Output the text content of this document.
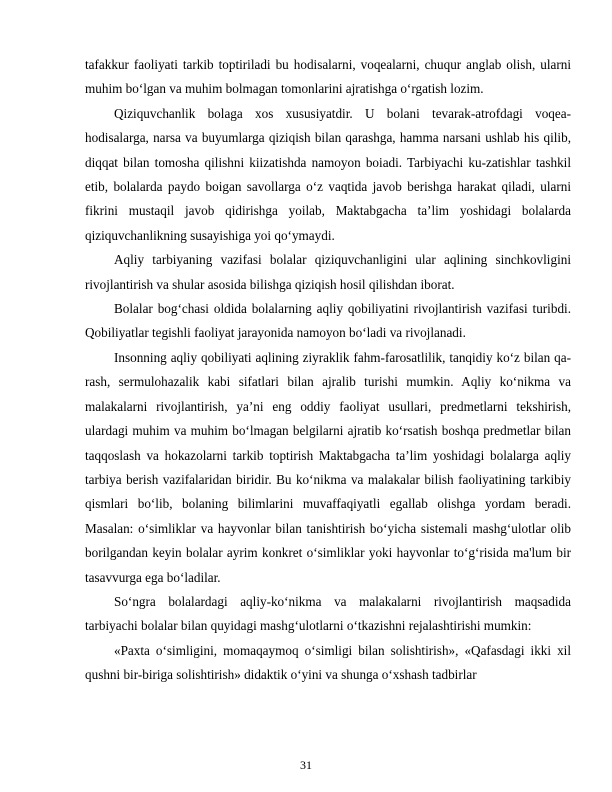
tafakkur faoliyati tarkib toptiriladi bu hodisalarni, voqealarni, chuqur anglab olish, ularni muhim bo‘lgan va muhim bolmagan tomonlarini ajratishga o‘rgatish lozim.

Qiziquvchanlik bolaga xos xususiyatdir. U bolani tevarak-atrofdagi voqea-hodisalarga, narsa va buyumlarga qiziqish bilan qarashga, hamma narsani ushlab his qilib, diqqat bilan tomosha qilishni kiizatishda namoyon boiadi. Tarbiyachi ku-zatishlar tashkil etib, bolalarda paydo boigan savollarga o‘z vaqtida javob berishga harakat qiladi, ularni fikrini mustaqil javob qidirishga yoilab, Maktabgacha ta’lim yoshidagi bolalarda qiziquvchanlikning susayishiga yoi qo‘ymaydi.

Aqliy tarbiyaning vazifasi bolalar qiziquvchanligini ular aqlining sinchkovligini rivojlantirish va shular asosida bilishga qiziqish hosil qilishdan iborat.

Bolalar bog‘chasi oldida bolalarning aqliy qobiliyatini rivojlantirish vazifasi turibdi. Qobiliyatlar tegishli faoliyat jarayonida namoyon bo‘ladi va rivojlanadi.

Insonning aqliy qobiliyati aqlining ziyraklik fahm-farosatlilik, tanqidiy ko‘z bilan qa- rash, sermulohazalik kabi sifatlari bilan ajralib turishi mumkin. Aqliy ko‘nikma va malakalarni rivojlantirish, ya’ni eng oddiy faoliyat usullari, predmetlarni tekshirish, ulardagi muhim va muhim bo‘lmagan belgilarni ajratib ko‘rsatish boshqa predmetlar bilan taqqoslash va hokazolarni tarkib toptirish Maktabgacha ta’lim yoshidagi bolalarga aqliy tarbiya berish vazifalaridan biridir. Bu ko‘nikma va malakalar bilish faoliyatining tarkibiy qismlari bo‘lib, bolaning bilimlarini muvaffaqiyatli egallab olishga yordam beradi. Masalan: o‘simliklar va hayvonlar bilan tanishtirish bo‘yicha sistemali mashg‘ulotlar olib borilgandan keyin bolalar ayrim konkret o‘simliklar yoki hayvonlar to‘g‘risida ma'lum bir tasavvurga ega bo‘ladilar.

So‘ngra bolalardagi aqliy-ko‘nikma va malakalarni rivojlantirish maqsadida tarbiyachi bolalar bilan quyidagi mashg‘ulotlarni o‘tkazishni rejalashtirishi mumkin:

«Paxta o‘simligini, momaqaymoq o‘simligi bilan solishtirish», «Qafasdagi ikki xil qushni bir-biriga solishtirish» didaktik o‘yini va shunga o‘xshash tadbirlar

31
